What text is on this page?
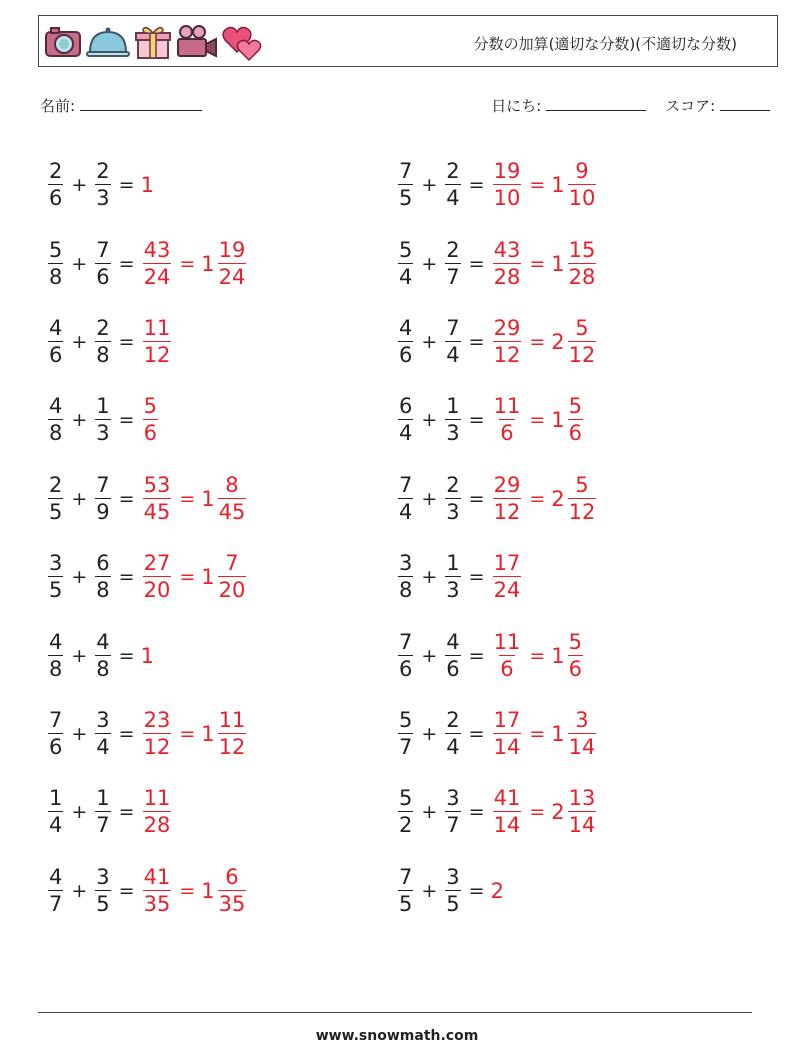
分数の加算(適切な分数)(不適切な分数)
名前:	日にち:	スコア:
$\frac{2}{6} + \frac{2}{3} = 1$
$\frac{5}{8} + \frac{7}{6} = \frac{43}{24} = 1 \frac{19}{24}$
$\frac{4}{6} + \frac{2}{8} = \frac{11}{12}$
$\frac{4}{8} + \frac{1}{3} = \frac{5}{6}$
$\frac{2}{5} + \frac{7}{9} = \frac{53}{45} = 1 \frac{8}{45}$
$\frac{3}{5} + \frac{6}{8} = \frac{27}{20} = 1 \frac{7}{20}$
$\frac{4}{8} + \frac{4}{8} = 1$
$\frac{7}{6} + \frac{3}{4} = \frac{23}{12} = 1 \frac{11}{12}$
$\frac{1}{4} + \frac{1}{7} = \frac{11}{28}$
$\frac{4}{7} + \frac{3}{5} = \frac{41}{35} = 1 \frac{6}{35}$
$\frac{7}{5} + \frac{2}{4} = \frac{19}{10} = 1 \frac{9}{10}$
$\frac{5}{4} + \frac{2}{7} = \frac{43}{28} = 1 \frac{15}{28}$
$\frac{4}{6} + \frac{7}{4} = \frac{29}{12} = 2 \frac{5}{12}$
$\frac{6}{4} + \frac{1}{3} = \frac{11}{6} = 1 \frac{5}{6}$
$\frac{7}{4} + \frac{2}{3} = \frac{29}{12} = 2 \frac{5}{12}$
$\frac{3}{8} + \frac{1}{3} = \frac{17}{24}$
$\frac{7}{6} + \frac{4}{6} = \frac{11}{6} = 1 \frac{5}{6}$
$\frac{5}{7} + \frac{2}{4} = \frac{17}{14} = 1 \frac{3}{14}$
$\frac{5}{2} + \frac{3}{7} = \frac{41}{14} = 2 \frac{13}{14}$
$\frac{7}{5} + \frac{3}{5} = 2$
www.snowmath.com
